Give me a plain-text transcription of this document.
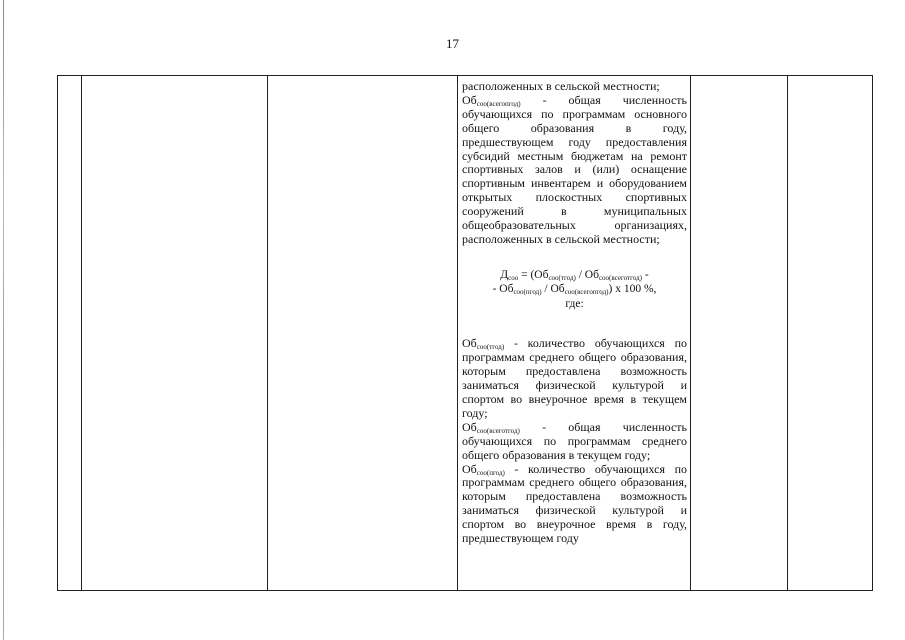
17

расположенных в сельской местности;

$Об_{соо(всегопгод)}$ - общая численность обучающихся по программам основного общего образования в году, предшествующем году предоставления субсидий местным бюджетам на ремонт спортивных залов и (или) оснащение спортивным инвентарем и оборудованием открытых плоскостных спортивных сооружений в муниципальных общеобразовательных организациях, расположенных в сельской местности;

$Д_{соо} = (Об_{соо(тгод)} / Об_{соо(всеготгод)}$ -
- $Об_{соо(пгод)} / Об_{соо(всегопгод)}$) х 100 %,
где:

$Об_{соо(тгод)}$ - количество обучающихся по программам среднего общего образования, которым предоставлена возможность заниматься физической культурой и спортом во внеурочное время в текущем году;

$Об_{соо(всеготгод)}$ - общая численность обучающихся по программам среднего общего образования в текущем году;

$Об_{соо(пгод)}$ - количество обучающихся по программам среднего общего образования, которым предоставлена возможность заниматься физической культурой и спортом во внеурочное время в году, предшествующем году
